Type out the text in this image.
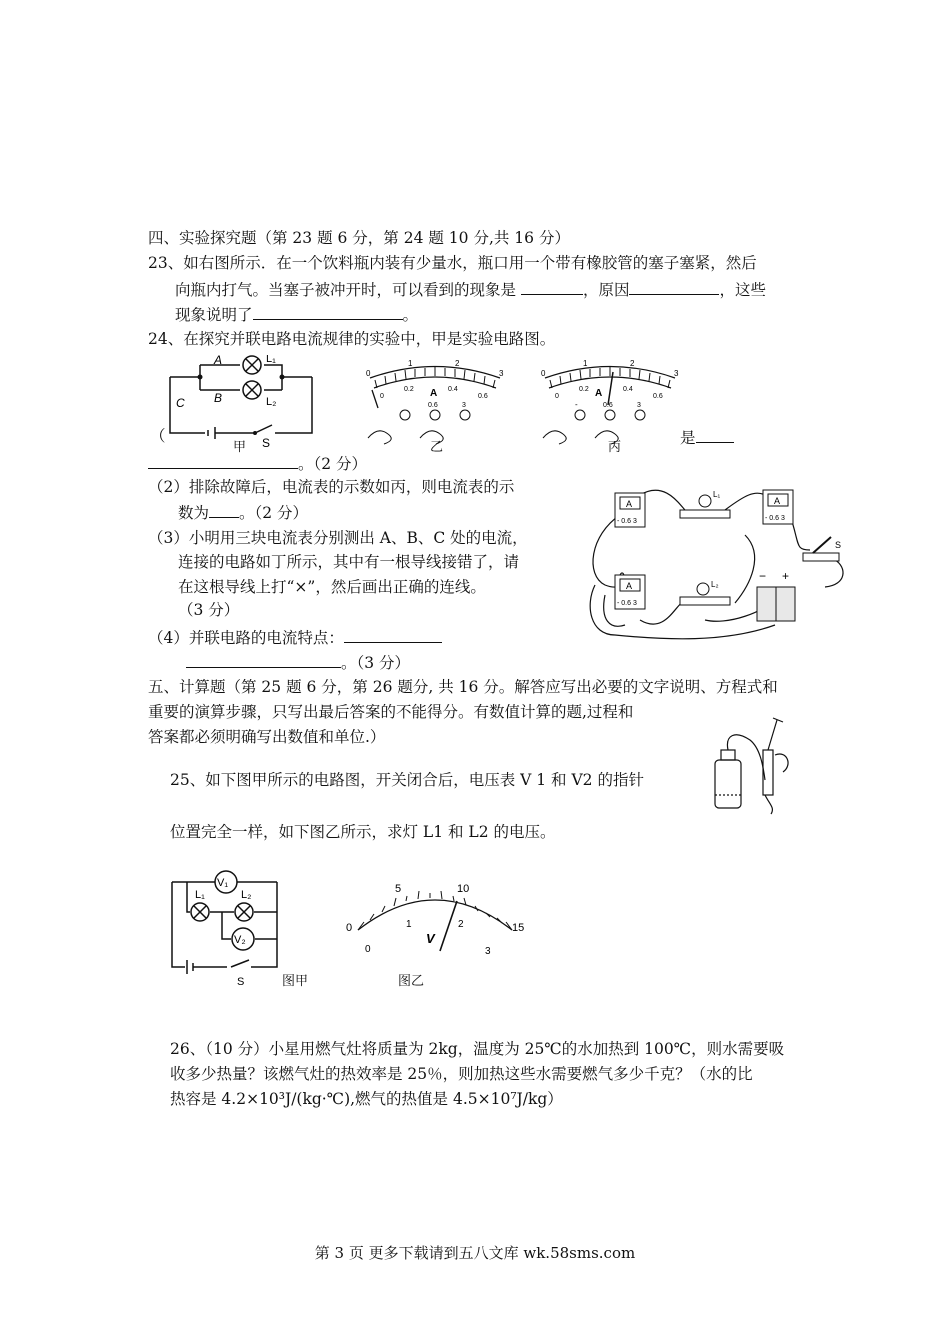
四、实验探究题（第 23 题 6 分，第 24 题 10 分,共 16 分）
23、如右图所示．在一个饮料瓶内装有少量水，瓶口用一个带有橡胶管的塞子塞紧，然后
向瓶内打气。当塞子被冲开时，可以看到的现象是	，原因	，这些
现象说明了	。
24、在探究并联电路电流规律的实验中，甲是实验电路图。
A
B
C
L₁
L₂
S
甲
0
1	2
3
0
0.2	0.4
0.6
A
0.6	3
乙
0
1	2
3
0
0.2	0.4
0.6
A
-	0.6	3
丙
（	是
。（2 分）
（2）排除故障后，电流表的示数如丙，则电流表的示
数为 。（2 分）
（3）小明用三块电流表分别测出 A、B、C 处的电流，
连接的电路如丁所示，其中有一根导线接错了，请
在这根导线上打“×”，然后画出正确的连线。
（3 分）
（4）并联电路的电流特点：
。（3 分）
A
- 0.6 3
A
- 0.6 3
A
- 0.6 3
L₁
L₂
S
+
−
五、计算题（第 25 题 6 分，第 26 题分, 共 16 分。解答应写出必要的文字说明、方程式和
重要的演算步骤，只写出最后答案的不能得分。有数值计算的题,过程和
答案都必须明确写出数值和单位.）
25、如下图甲所示的电路图，开关闭合后，电压表 V 1 和 V2 的指针
位置完全一样，如下图乙所示，求灯 L1 和 L2 的电压。
V₁
V₂
L₁	L₂
S	图甲
0
5	10
15
0
1	2
3
V
图乙
26、（10 分）小星用燃气灶将质量为 2kg，温度为 25℃的水加热到 100℃，则水需要吸
收多少热量？该燃气灶的热效率是 25％，则加热这些水需要燃气多少千克？（水的比
热容是 4.2×10³J/(kg·℃),燃气的热值是 4.5×10⁷J/kg）
第 3 页 更多下载请到五八文库 wk.58sms.com
